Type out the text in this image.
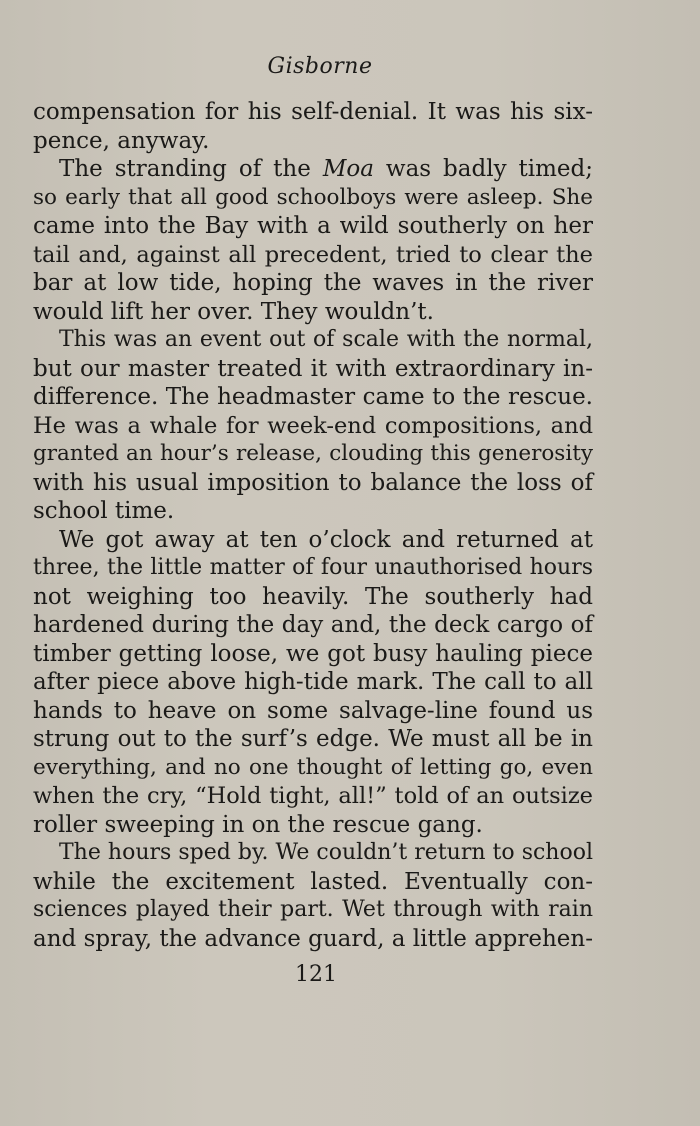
Gisborne
compensation for his self-denial. It was his six-
pence, anyway.
The stranding of the Moa was badly timed;
so early that all good schoolboys were asleep. She
came into the Bay with a wild southerly on her
tail and, against all precedent, tried to clear the
bar at low tide, hoping the waves in the river
would lift her over. They wouldn’t.
This was an event out of scale with the normal,
but our master treated it with extraordinary in-
difference. The headmaster came to the rescue.
He was a whale for week-end compositions, and
granted an hour’s release, clouding this generosity
with his usual imposition to balance the loss of
school time.
We got away at ten o’clock and returned at
three, the little matter of four unauthorised hours
not weighing too heavily. The southerly had
hardened during the day and, the deck cargo of
timber getting loose, we got busy hauling piece
after piece above high-tide mark. The call to all
hands to heave on some salvage-line found us
strung out to the surf’s edge. We must all be in
everything, and no one thought of letting go, even
when the cry, “Hold tight, all!” told of an outsize
roller sweeping in on the rescue gang.
The hours sped by. We couldn’t return to school
while the excitement lasted. Eventually con-
sciences played their part. Wet through with rain
and spray, the advance guard, a little apprehen-
121
